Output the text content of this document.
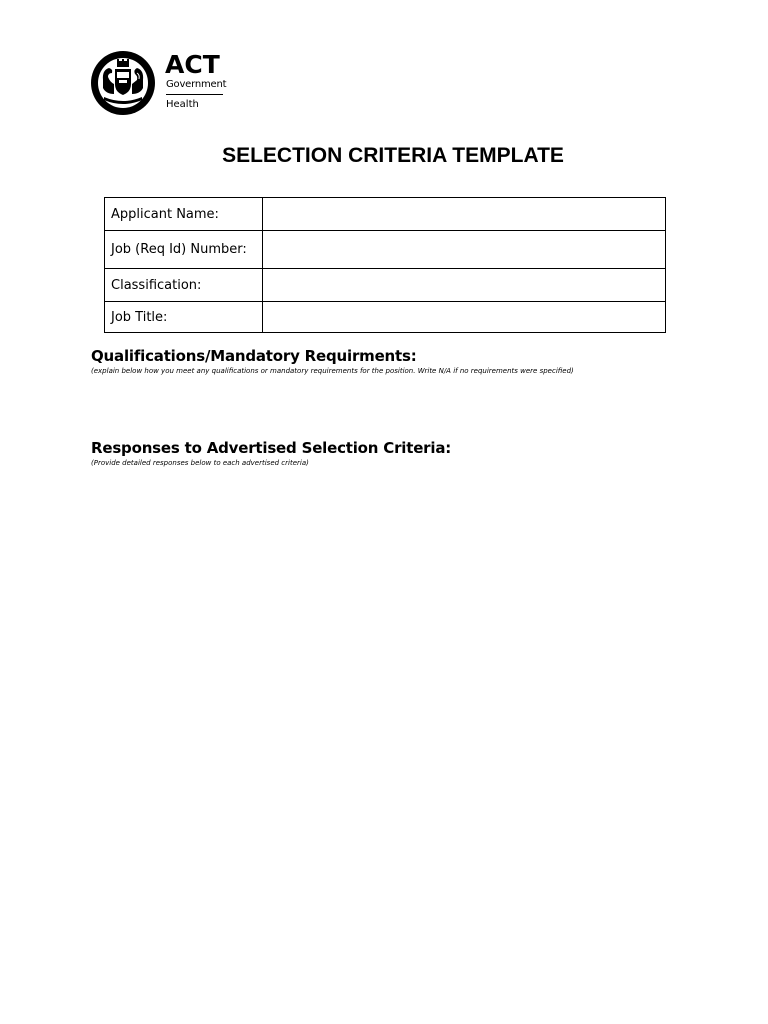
ACT
Government
Health
SELECTION CRITERIA TEMPLATE
Applicant Name:	
Job (Req Id) Number:	
Classification:	
Job Title:	
Qualifications/Mandatory Requirments:
(explain below how you meet any qualifications or mandatory requirements for the position. Write N/A if no requirements were specified)
Responses to Advertised Selection Criteria:
(Provide detailed responses below to each advertised criteria)
